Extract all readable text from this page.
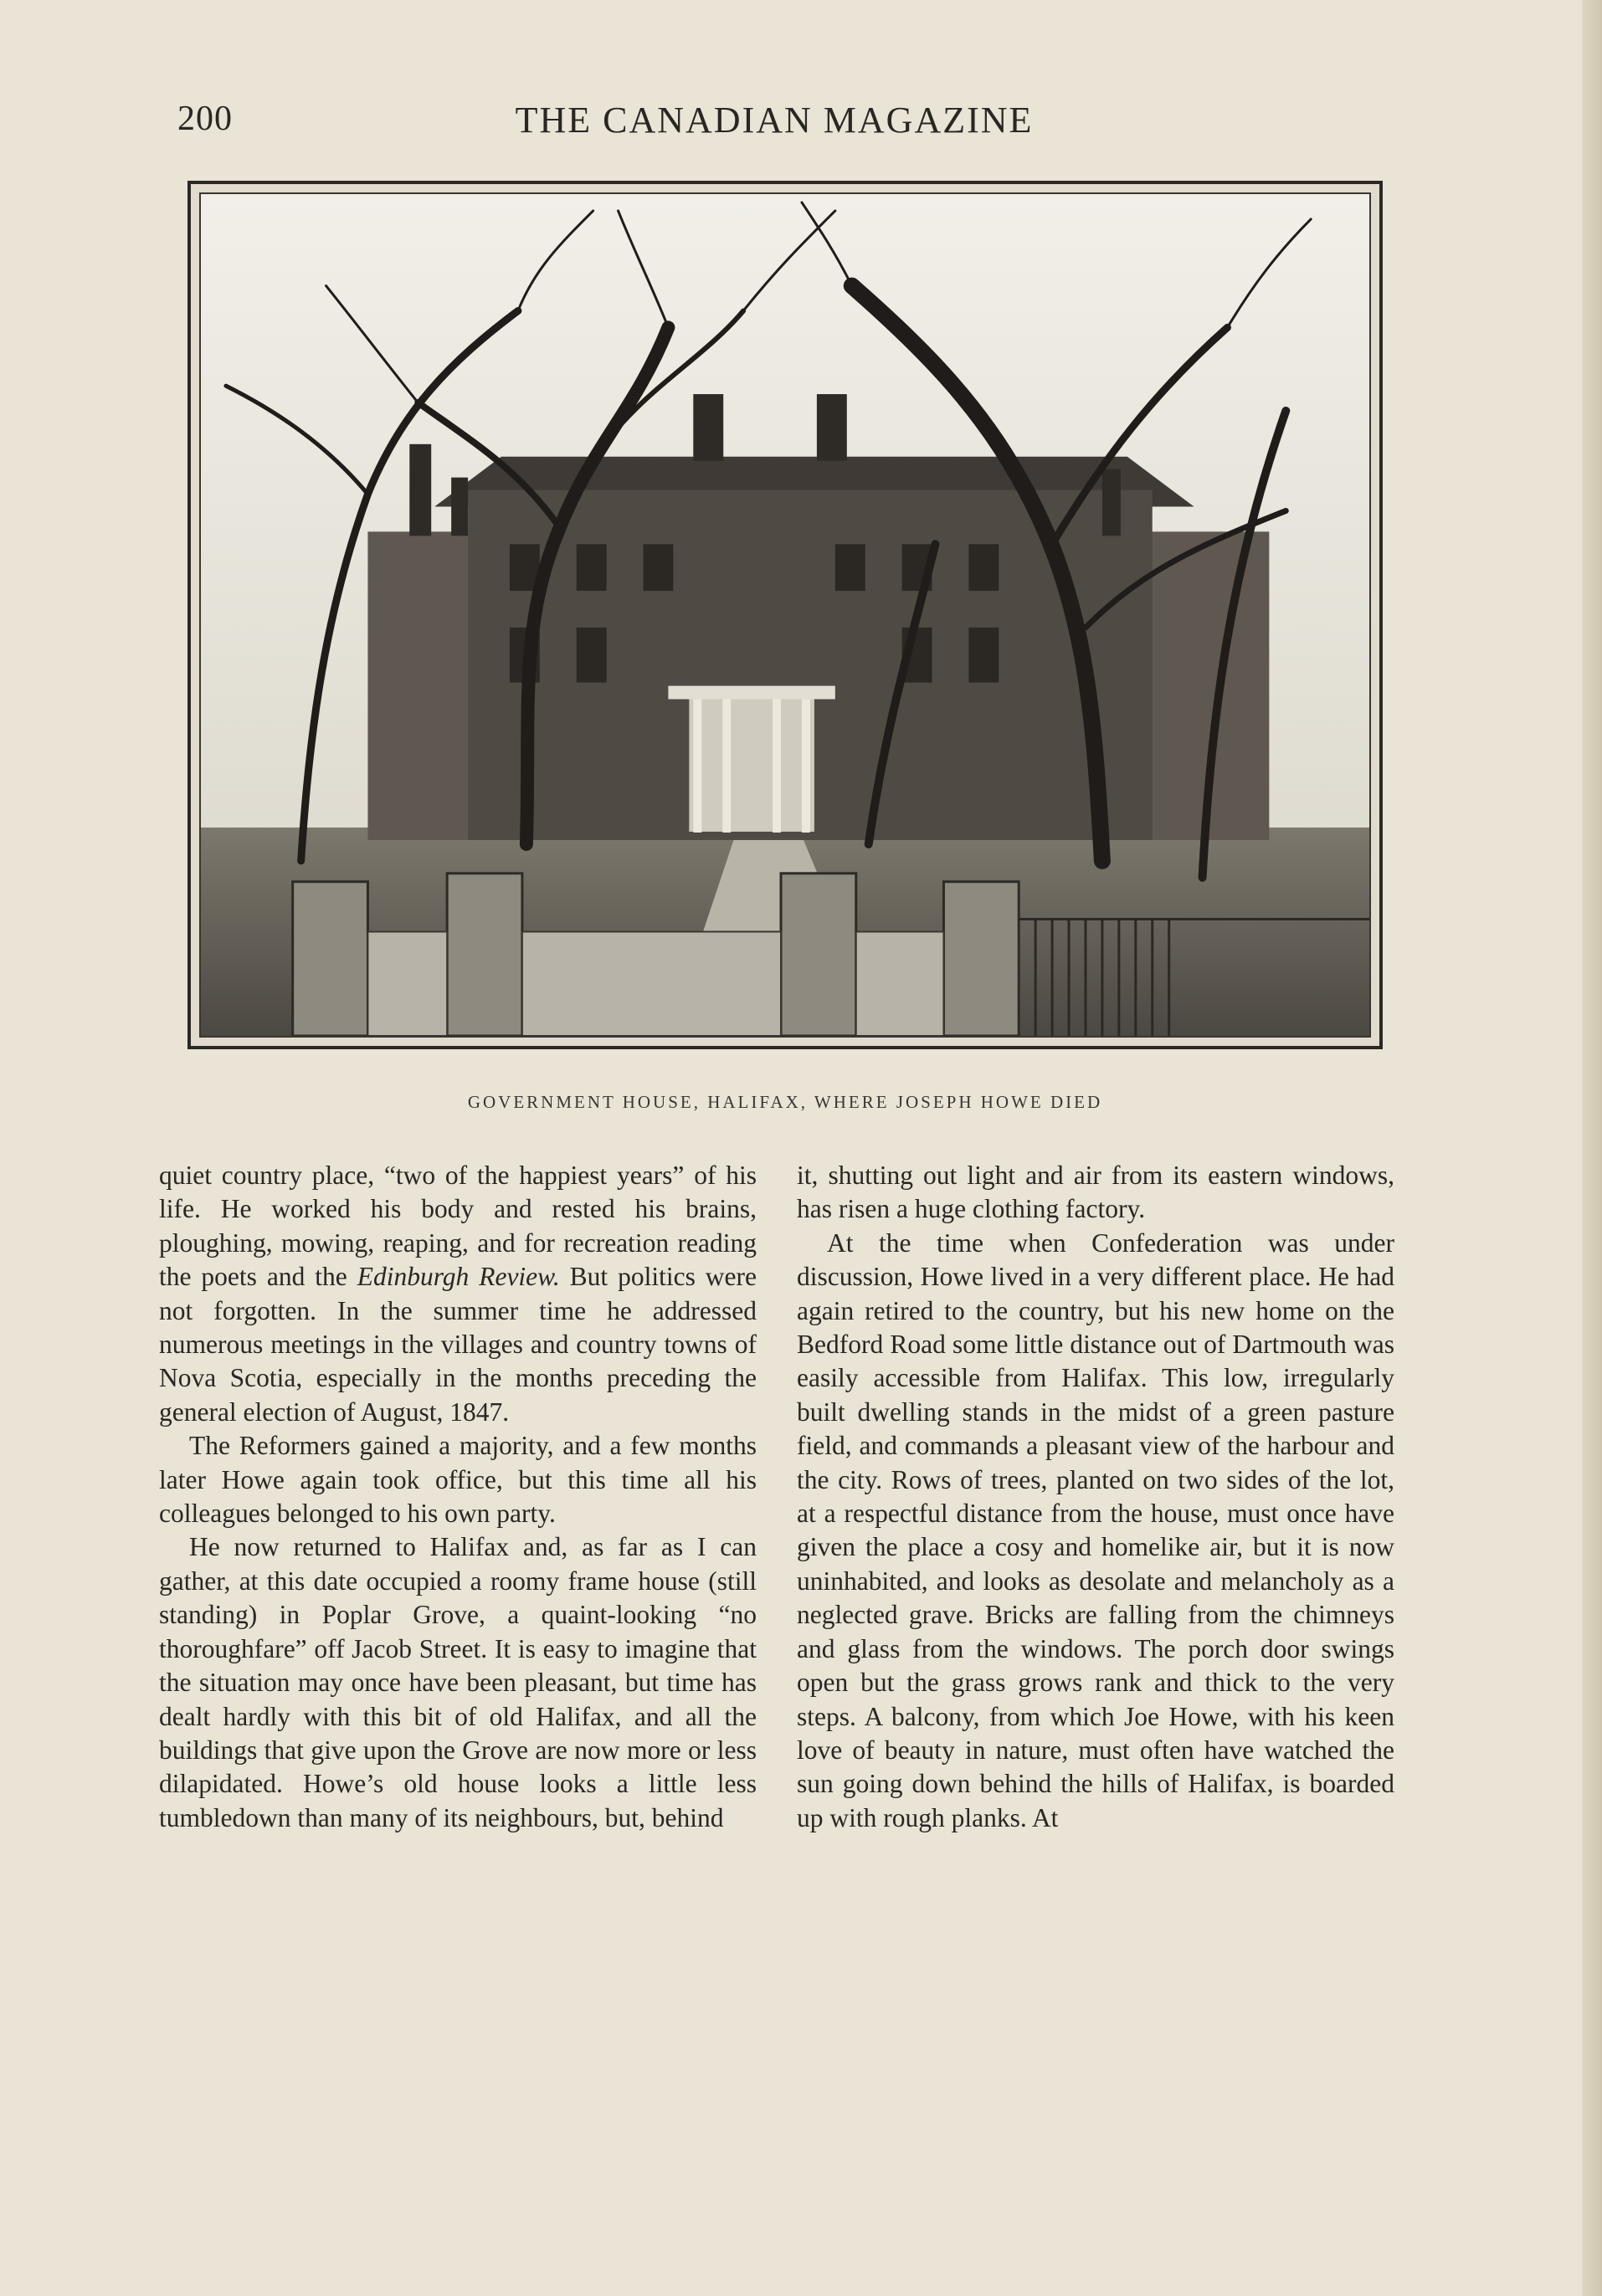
200	THE CANADIAN MAGAZINE
GOVERNMENT HOUSE, HALIFAX, WHERE JOSEPH HOWE DIED

quiet country place, “two of the happiest years” of his life. He worked his body and rested his brains, ploughing, mowing, reaping, and for recreation reading the poets and the Edinburgh Review. But politics were not forgotten. In the summer time he addressed numerous meetings in the villages and country towns of Nova Scotia, especially in the months preceding the general election of August, 1847.

The Reformers gained a majority, and a few months later Howe again took office, but this time all his colleagues belonged to his own party.

He now returned to Halifax and, as far as I can gather, at this date occupied a roomy frame house (still standing) in Poplar Grove, a quaint-looking “no thoroughfare” off Jacob Street. It is easy to imagine that the situation may once have been pleasant, but time has dealt hardly with this bit of old Halifax, and all the buildings that give upon the Grove are now more or less dilapidated. Howe’s old house looks a little less tumbledown than many of its neighbours, but, behind

it, shutting out light and air from its eastern windows, has risen a huge clothing factory.

At the time when Confederation was under discussion, Howe lived in a very different place. He had again retired to the country, but his new home on the Bedford Road some little distance out of Dartmouth was easily accessible from Halifax. This low, irregularly built dwelling stands in the midst of a green pasture field, and commands a pleasant view of the harbour and the city. Rows of trees, planted on two sides of the lot, at a respectful distance from the house, must once have given the place a cosy and homelike air, but it is now uninhabited, and looks as desolate and melancholy as a neglected grave. Bricks are falling from the chimneys and glass from the windows. The porch door swings open but the grass grows rank and thick to the very steps. A balcony, from which Joe Howe, with his keen love of beauty in nature, must often have watched the sun going down behind the hills of Halifax, is boarded up with rough planks. At
